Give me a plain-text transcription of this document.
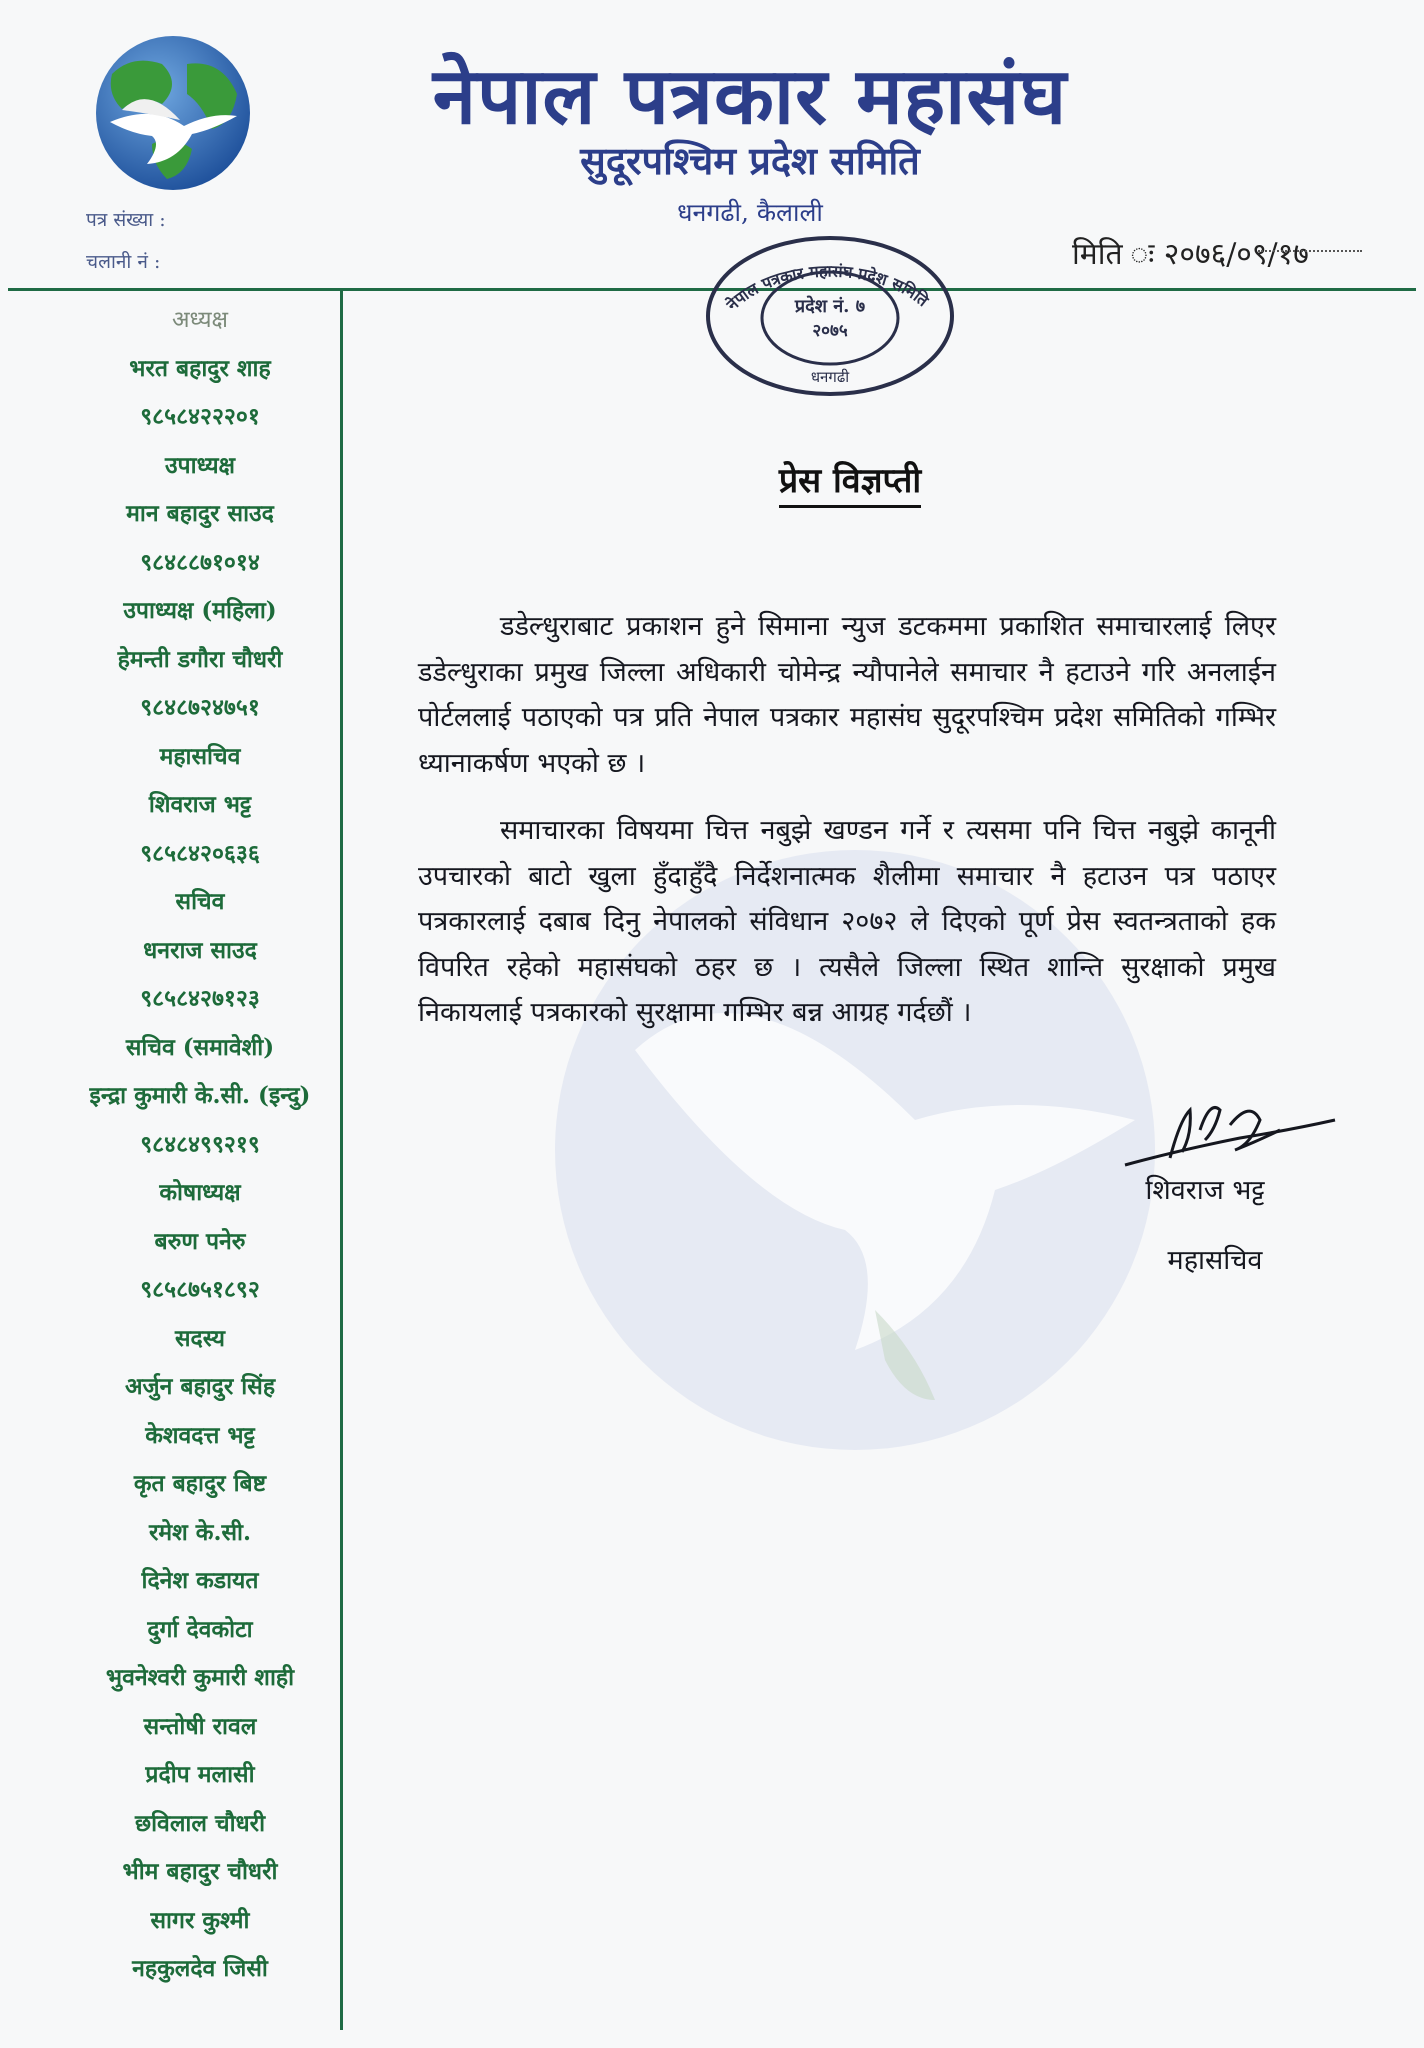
नेपाल पत्रकार महासंघ
सुदूरपश्चिम प्रदेश समिति
धनगढी, कैलाली
पत्र संख्या :
चलानी नं :	मिति ः २०७६/०९/१७
नेपाल पत्रकार महासंघ प्रदेश समिति
प्रदेश नं. ७
२०७५
धनगढी
अध्यक्ष
भरत बहादुर शाह
९८५८४२२२०१
उपाध्यक्ष
मान बहादुर साउद
९८४८८७१०१४
उपाध्यक्ष (महिला)
हेमन्ती डगौरा चौधरी
९८४८७२४७५१
महासचिव
शिवराज भट्ट
९८५८४२०६३६
सचिव
धनराज साउद
९८५८४२७१२३
सचिव (समावेशी)
इन्द्रा कुमारी के.सी. (इन्दु)
९८४८४९९२१९
कोषाध्यक्ष
बरुण पनेरु
९८५८७५१८९२
सदस्य
अर्जुन बहादुर सिंह
केशवदत्त भट्ट
कृत बहादुर बिष्ट
रमेश के.सी.
दिनेश कडायत
दुर्गा देवकोटा
भुवनेश्वरी कुमारी शाही
सन्तोषी रावल
प्रदीप मलासी
छविलाल चौधरी
भीम बहादुर चौधरी
सागर कुश्मी
नहकुलदेव जिसी
प्रेस विज्ञप्ती
डडेल्धुराबाट प्रकाशन हुने सिमाना न्युज डटकममा प्रकाशित समाचारलाई लिएर डडेल्धुराका प्रमुख जिल्ला अधिकारी चोमेन्द्र न्यौपानेले समाचार नै हटाउने गरि अनलाईन पोर्टललाई पठाएको पत्र प्रति नेपाल पत्रकार महासंघ सुदूरपश्चिम प्रदेश समितिको गम्भिर ध्यानाकर्षण भएको छ ।
समाचारका विषयमा चित्त नबुझे खण्डन गर्ने र त्यसमा पनि चित्त नबुझे कानूनी उपचारको बाटो खुला हुँदाहुँदै निर्देशनात्मक शैलीमा समाचार नै हटाउन पत्र पठाएर पत्रकारलाई दबाब दिनु नेपालको संविधान २०७२ ले दिएको पूर्ण प्रेस स्वतन्त्रताको हक विपरित रहेको महासंघको ठहर छ । त्यसैले जिल्ला स्थित शान्ति सुरक्षाको प्रमुख निकायलाई पत्रकारको सुरक्षामा गम्भिर बन्न आग्रह गर्दछौं ।
शिवराज भट्ट
महासचिव
